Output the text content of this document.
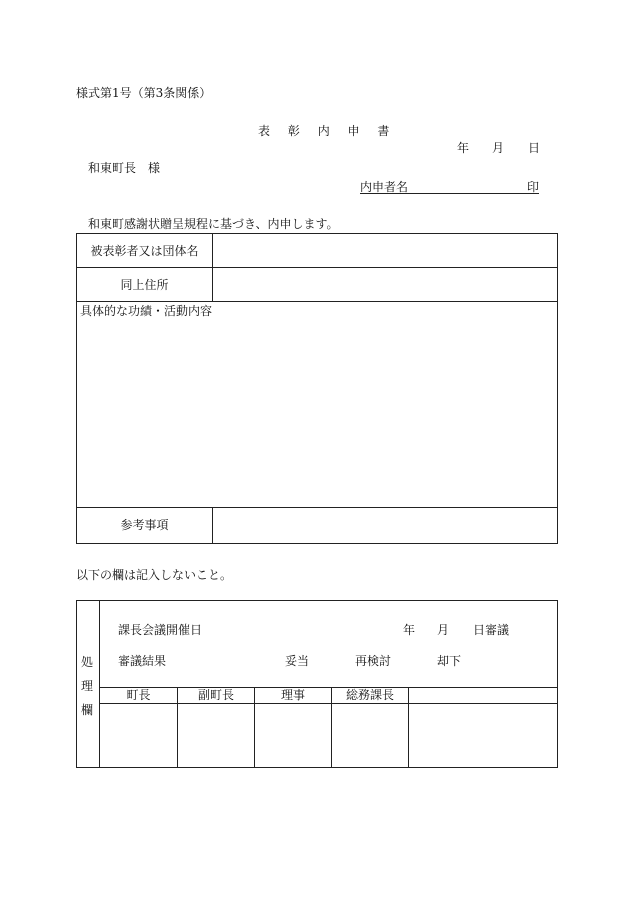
様式第1号（第3条関係）
表 彰 内 申 書
年 月 日
和東町長　様
内申者名	印
和東町感謝状贈呈規程に基づき、内申します。
被表彰者又は団体名
同上住所
具体的な功績・活動内容
参考事項
以下の欄は記入しないこと。
処
理
欄
課長会議開催日	年 月 日審議
審議結果	妥当	再検討	却下
町長	副町長	理事	総務課長
